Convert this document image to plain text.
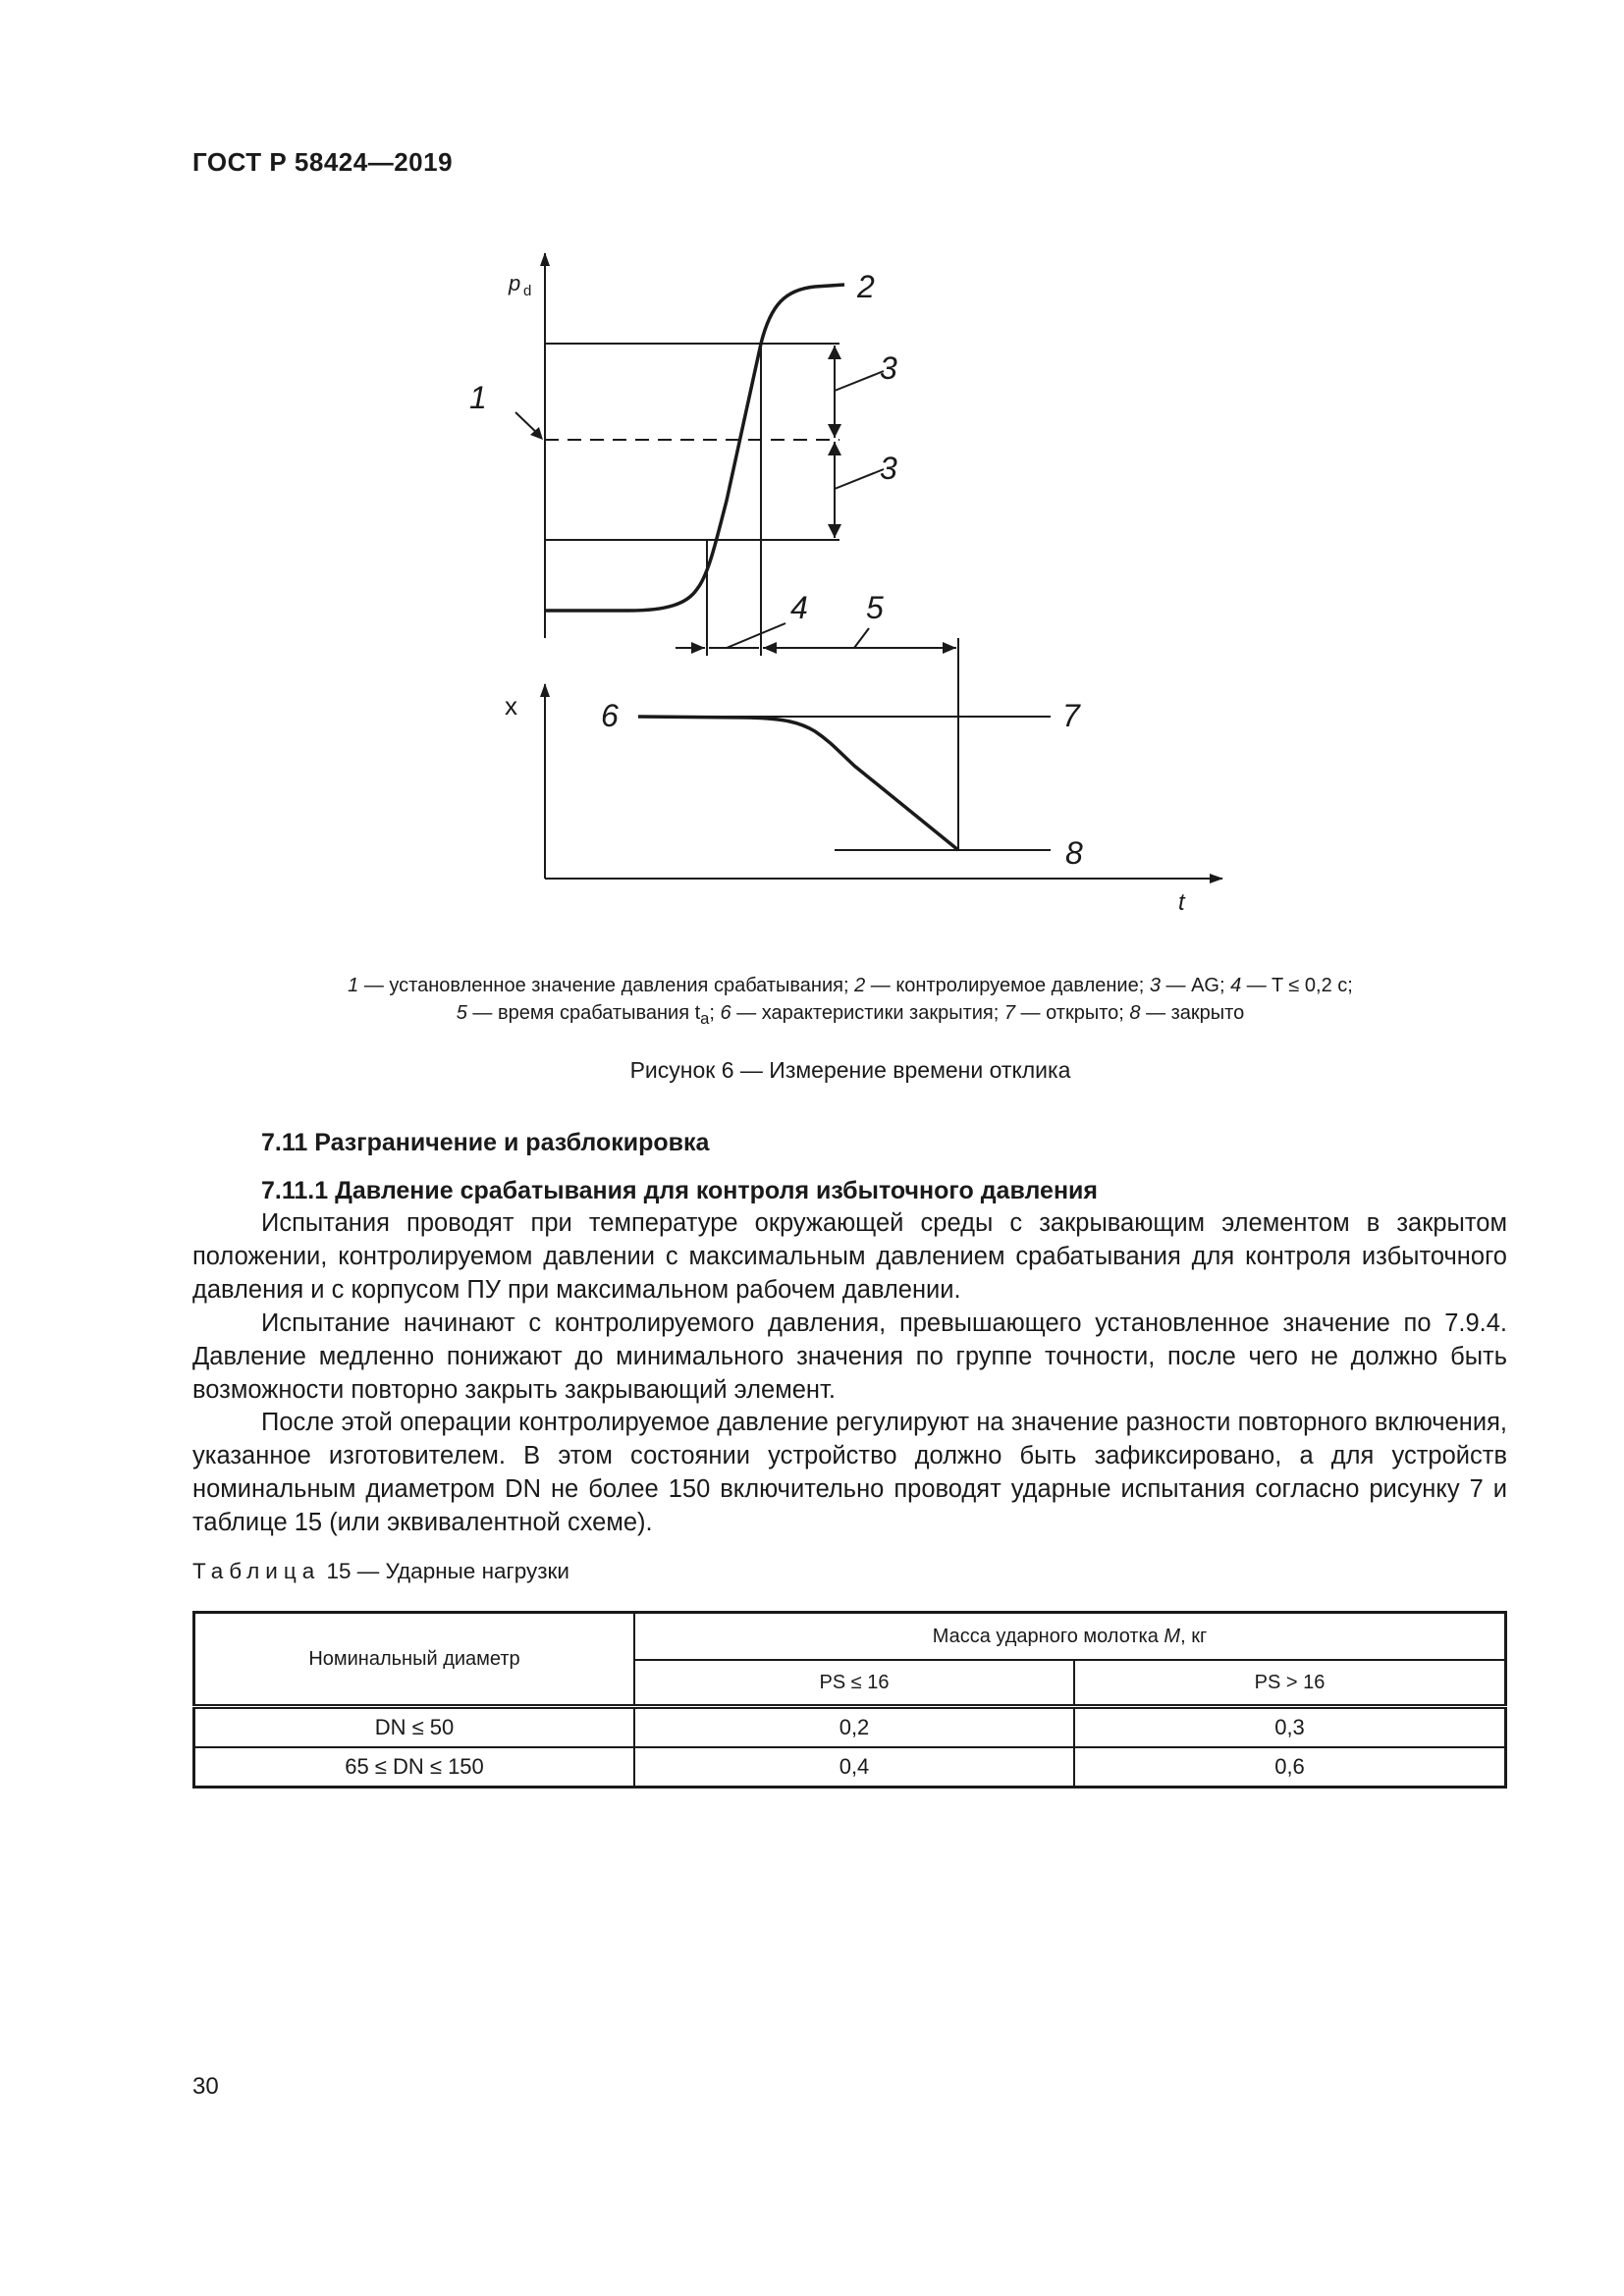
ГОСТ Р 58424—2019
p d
x
t
1
2
3
3
4 5
6	7
8
1 — установленное значение давления срабатывания; 2 — контролируемое давление; 3 — AG; 4 — T ≤ 0,2 с;
5 — время срабатывания $t_a$; 6 — характеристики закрытия; 7 — открыто; 8 — закрыто
Рисунок 6 — Измерение времени отклика
7.11 Разграничение и разблокировка
7.11.1 Давление срабатывания для контроля избыточного давления

Испытания проводят при температуре окружающей среды с закрывающим элементом в закрытом положении, контролируемом давлении с максимальным давлением срабатывания для контроля избыточного давления и с корпусом ПУ при максимальном рабочем давлении.

Испытание начинают с контролируемого давления, превышающего установленное значение по 7.9.4. Давление медленно понижают до минимального значения по группе точности, после чего не должно быть возможности повторно закрыть закрывающий элемент.

После этой операции контролируемое давление регулируют на значение разности повторного включения, указанное изготовителем. В этом состоянии устройство должно быть зафиксировано, а для устройств номинальным диаметром DN не более 150 включительно проводят ударные испытания согласно рисунку 7 и таблице 15 (или эквивалентной схеме).

Таблица 15 — Ударные нагрузки
Номинальный диаметр	Масса ударного молотка M, кг	
	PS ≤ 16	PS > 16
DN ≤ 50	0,2	0,3
65 ≤ DN ≤ 150	0,4	0,6
30
